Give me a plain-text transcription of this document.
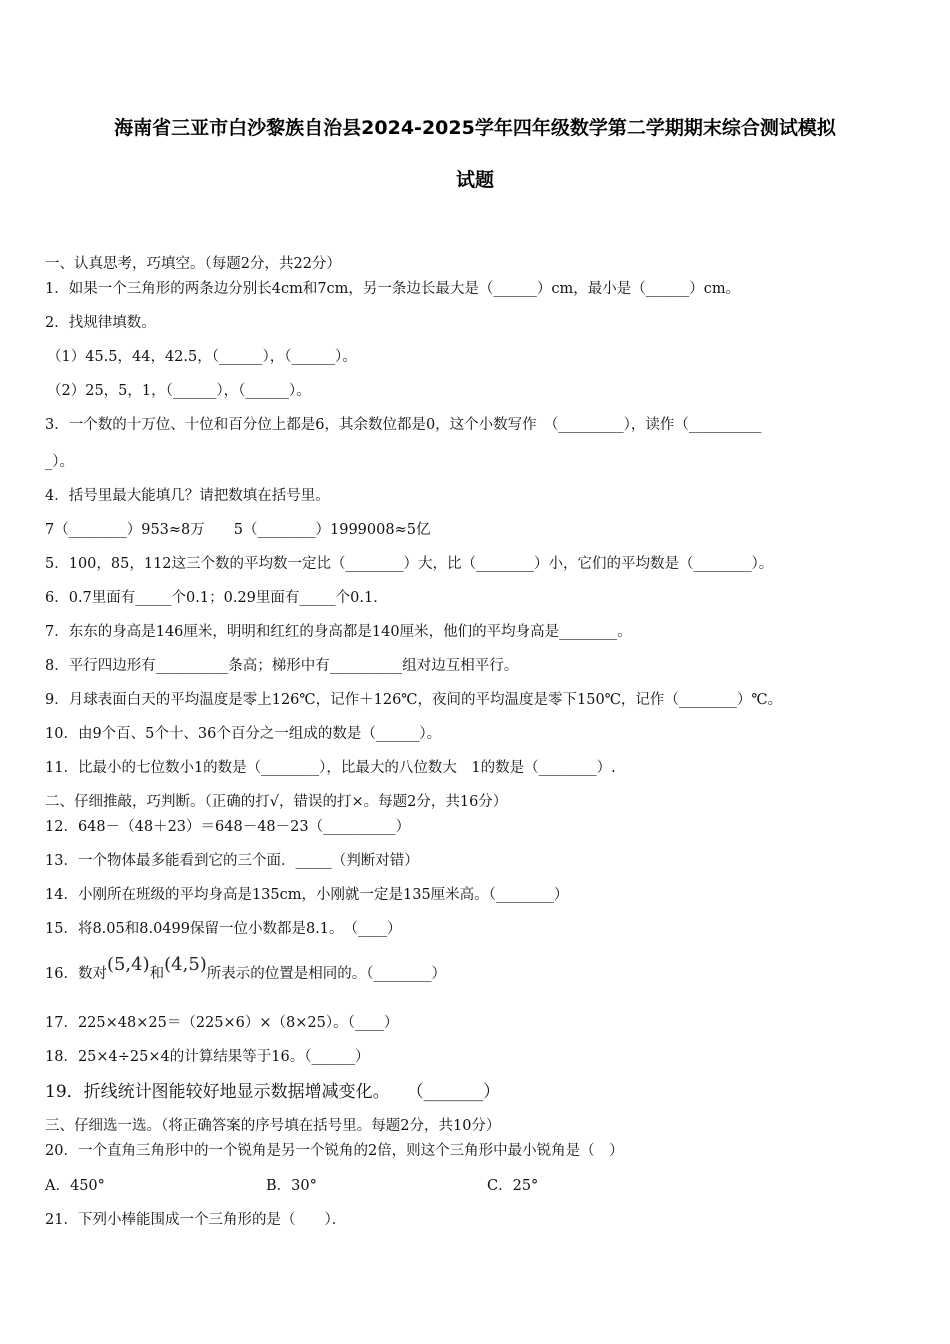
海南省三亚市白沙黎族自治县2024-2025学年四年级数学第二学期期末综合测试模拟
试题
一、认真思考，巧填空。（每题2分，共22分）
1．如果一个三角形的两条边分别长4cm和7cm，另一条边长最大是（______）cm，最小是（______）cm。
2．找规律填数。
（1）45.5，44，42.5，（______），（______）。
（2）25，5，1，（______），（______）。
3．一个数的十万位、十位和百分位上都是6，其余数位都是0，这个小数写作　（_________），读作（__________
_）。
4．括号里最大能填几？请把数填在括号里。
7（________）953≈8万　　5（________）1999008≈5亿
5．100，85，112这三个数的平均数一定比（________）大，比（________）小，它们的平均数是（________）。
6．0.7里面有_____个0.1；0.29里面有_____个0.1．
7．东东的身高是146厘米，明明和红红的身高都是140厘米，他们的平均身高是________。
8．平行四边形有__________条高；梯形中有__________组对边互相平行。
9．月球表面白天的平均温度是零上126℃，记作＋126℃，夜间的平均温度是零下150℃，记作（________）℃。
10．由9个百、5个十、36个百分之一组成的数是（______）。
11．比最小的七位数小1的数是（________），比最大的八位数大　1的数是（________）.
二、仔细推敲，巧判断。（正确的打√，错误的打×。每题2分，共16分）
12．648－（48＋23）＝648－48－23（__________）
13．一个物体最多能看到它的三个面．_____（判断对错）
14．小刚所在班级的平均身高是135cm，小刚就一定是135厘米高。（________）
15．将8.05和8.0499保留一位小数都是8.1。　（____）
16．数对(5,4)和(4,5)所表示的位置是相同的。（________）
17．225×48×25＝（225×6）×（8×25）。（____）
18．25×4÷25×4的计算结果等于16。（______）
19．折线统计图能较好地显示数据增减变化。　　（_______）
三、仔细选一选。（将正确答案的序号填在括号里。每题2分，共10分）
20．一个直角三角形中的一个锐角是另一个锐角的2倍，则这个三角形中最小锐角是（　）
A．450°	B．30°	C．25°
21．下列小棒能围成一个三角形的是（　　）．
